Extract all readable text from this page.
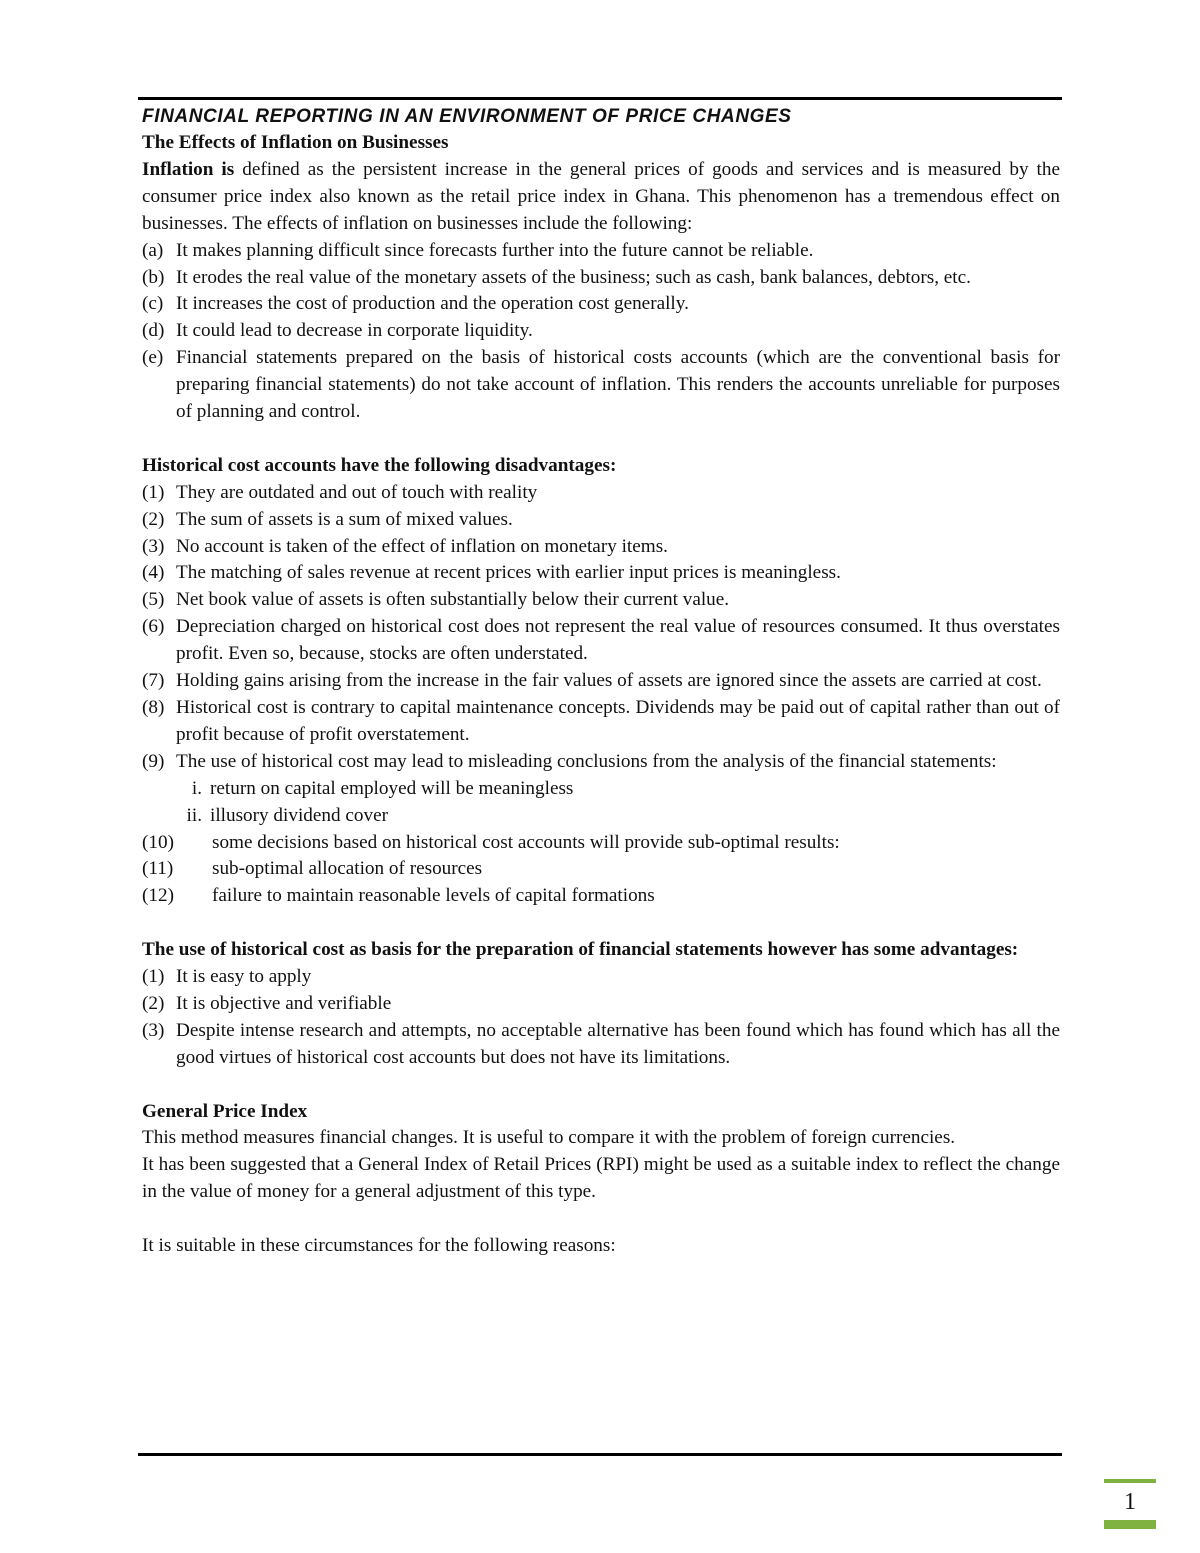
FINANCIAL REPORTING IN AN ENVIRONMENT OF PRICE CHANGES

The Effects of Inflation on Businesses

Inflation is defined as the persistent increase in the general prices of goods and services and is measured by the consumer price index also known as the retail price index in Ghana. This phenomenon has a tremendous effect on businesses. The effects of inflation on businesses include the following:

(a) It makes planning difficult since forecasts further into the future cannot be reliable.
(b) It erodes the real value of the monetary assets of the business; such as cash, bank balances, debtors, etc.
(c) It increases the cost of production and the operation cost generally.
(d) It could lead to decrease in corporate liquidity.
(e) Financial statements prepared on the basis of historical costs accounts (which are the conventional basis for preparing financial statements) do not take account of inflation. This renders the accounts unreliable for purposes of planning and control.

Historical cost accounts have the following disadvantages:

(1) They are outdated and out of touch with reality
(2) The sum of assets is a sum of mixed values.
(3) No account is taken of the effect of inflation on monetary items.
(4) The matching of sales revenue at recent prices with earlier input prices is meaningless.
(5) Net book value of assets is often substantially below their current value.
(6) Depreciation charged on historical cost does not represent the real value of resources consumed. It thus overstates profit. Even so, because, stocks are often understated.
(7) Holding gains arising from the increase in the fair values of assets are ignored since the assets are carried at cost.
(8) Historical cost is contrary to capital maintenance concepts. Dividends may be paid out of capital rather than out of profit because of profit overstatement.
(9) The use of historical cost may lead to misleading conclusions from the analysis of the financial statements:
i. return on capital employed will be meaningless
ii. illusory dividend cover
(10)	some decisions based on historical cost accounts will provide sub-optimal results:
(11)	sub-optimal allocation of resources
(12)	failure to maintain reasonable levels of capital formations

The use of historical cost as basis for the preparation of financial statements however has some advantages:

(1) It is easy to apply
(2) It is objective and verifiable
(3) Despite intense research and attempts, no acceptable alternative has been found which has found which has all the good virtues of historical cost accounts but does not have its limitations.

General Price Index

This method measures financial changes. It is useful to compare it with the problem of foreign currencies.

It has been suggested that a General Index of Retail Prices (RPI) might be used as a suitable index to reflect the change in the value of money for a general adjustment of this type.

It is suitable in these circumstances for the following reasons:

1
